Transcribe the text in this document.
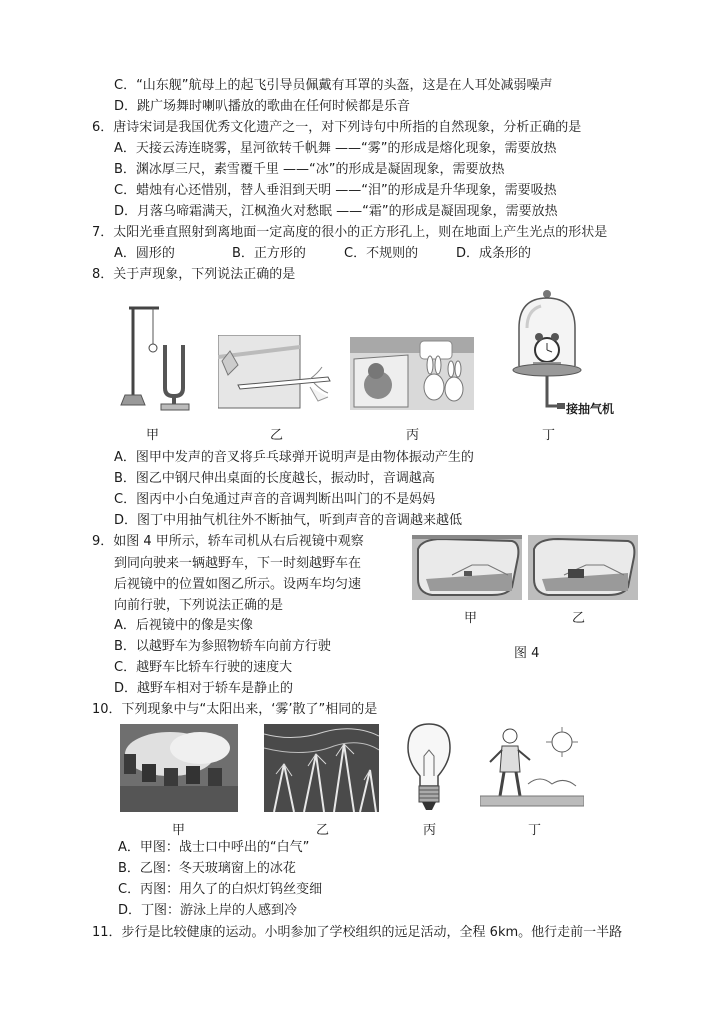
C．“山东舰”航母上的起飞引导员佩戴有耳罩的头盔，这是在人耳处减弱噪声
D．跳广场舞时喇叭播放的歌曲在任何时候都是乐音
6．唐诗宋词是我国优秀文化遗产之一，对下列诗句中所指的自然现象，分析正确的是
A．天接云涛连晓雾，星河欲转千帆舞 ——“雾”的形成是熔化现象，需要放热
B．渊冰厚三尺，素雪覆千里 ——“冰”的形成是凝固现象，需要放热
C．蜡烛有心还惜别，替人垂泪到天明 ——“泪”的形成是升华现象，需要吸热
D．月落乌啼霜满天，江枫渔火对愁眠 ——“霜”的形成是凝固现象，需要放热
7．太阳光垂直照射到离地面一定高度的很小的正方形孔上，则在地面上产生光点的形状是
A．圆形的	B．正方形的	C．不规则的	D．成条形的
8．关于声现象，下列说法正确的是
接抽气机
甲	乙	丙	丁
A．图甲中发声的音叉将乒乓球弹开说明声是由物体振动产生的
B．图乙中钢尺伸出桌面的长度越长，振动时，音调越高
C．图丙中小白兔通过声音的音调判断出叫门的不是妈妈
D．图丁中用抽气机往外不断抽气，听到声音的音调越来越低
9．如图 4 甲所示，轿车司机从右后视镜中观察
到同向驶来一辆越野车，下一时刻越野车在
后视镜中的位置如图乙所示。设两车均匀速
向前行驶，下列说法正确的是
A．后视镜中的像是实像
B．以越野车为参照物轿车向前方行驶
C．越野车比轿车行驶的速度大
D．越野车相对于轿车是静止的
甲	乙
图 4
10．下列现象中与“太阳出来，‘雾’散了”相同的是
甲	乙	丙	丁
A．甲图：战士口中呼出的“白气”
B．乙图：冬天玻璃窗上的冰花
C．丙图：用久了的白炽灯钨丝变细
D．丁图：游泳上岸的人感到冷
11．步行是比较健康的运动。小明参加了学校组织的远足活动，全程 6km。他行走前一半路
